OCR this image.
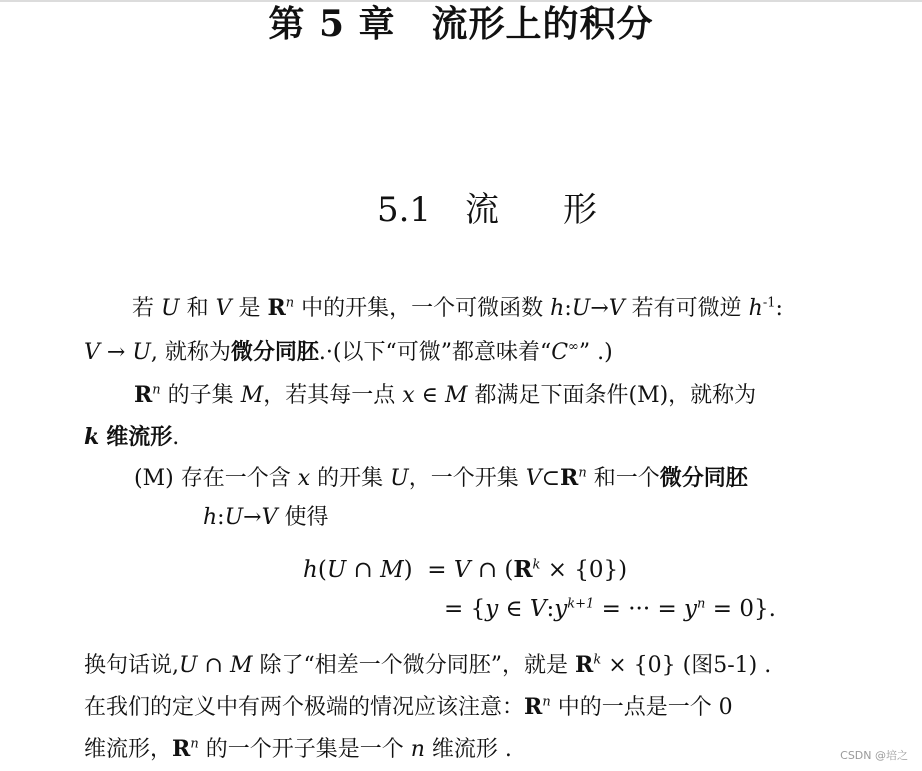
第 5 章 流形上的积分
5.1 流 形
若 U 和 V 是 $R^n$ 中的开集，一个可微函数 h:U→V 若有可微逆 $h^{-1}$:
V → U, 就称为微分同胚.·(以下“可微”都意味着“C∞” .)
$R^n$ 的子集 M，若其每一点 x ∈ M 都满足下面条件(M)，就称为
k 维流形.
(M) 存在一个含 x 的开集 U，一个开集 $V\subset R^n$ 和一个微分同胚
h:U→V 使得
h(U ∩ M) = V ∩ $(R^k \times \{0\})$
= {y ∈ $V:y^{k+1}$ = ··· = $y^n = 0$}.
换句话说,U ∩ M 除了“相差一个微分同胚”，就是 $R^k \times \{0\}$ (图5-1) .
在我们的定义中有两个极端的情况应该注意：$R^n$ 中的一点是一个 0
维流形，$R^n$ 的一个开子集是一个 n 维流形 .	CSDN @培之
